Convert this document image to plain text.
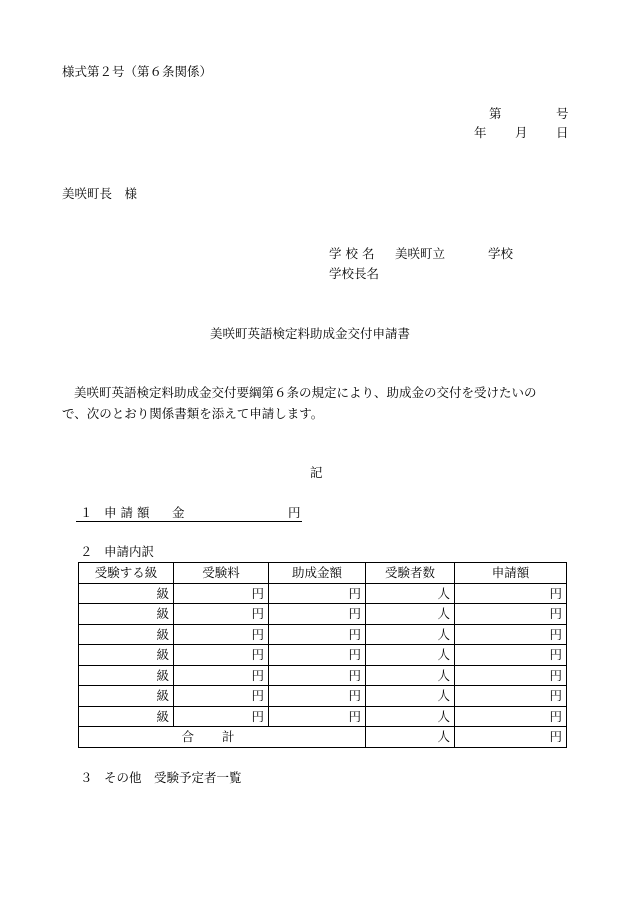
様式第２号（第６条関係）
第	号
年 月 日
美咲町長　様
学 校 名 美咲町立	学校
学校長名
美咲町英語検定料助成金交付申請書
美咲町英語検定料助成金交付要綱第６条の規定により、助成金の交付を受けたいの
で、次のとおり関係書類を添えて申請します。
記
１ 申 請 額 金	円
２ 申請内訳
受験する級	受験料	助成金額	受験者数	申請額
級	円	円	人	円
級	円	円	人	円
級	円	円	人	円
級	円	円	人	円
級	円	円	人	円
級	円	円	人	円
級	円	円	人	円
合計			人	円
３ その他　受験予定者一覧
